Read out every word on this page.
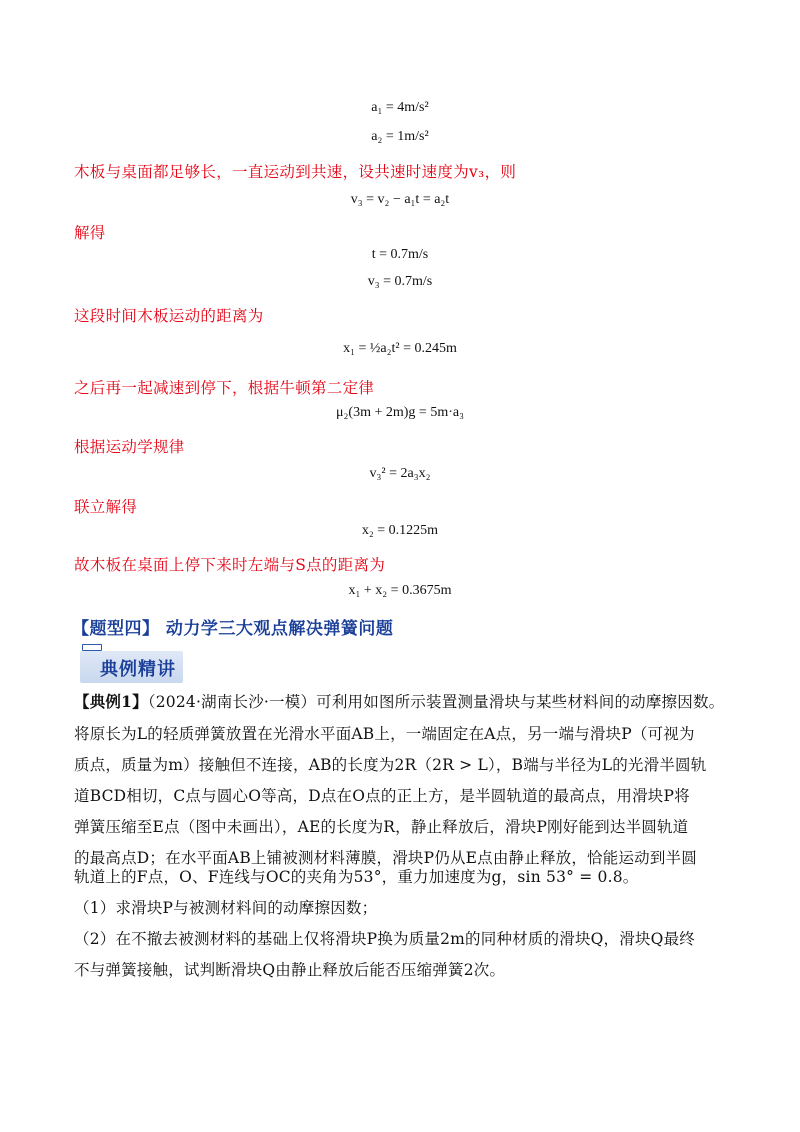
a₁ = 4m/s²
a₂ = 1m/s²
木板与桌面都足够长，一直运动到共速，设共速时速度为v₃，则
v₃ = v₂ − a₁t = a₂t
解得
t = 0.7m/s
v₃ = 0.7m/s
这段时间木板运动的距离为
x₁ = ½a₂t² = 0.245m
之后再一起减速到停下，根据牛顿第二定律
μ₂(3m + 2m)g = 5m·a₃
根据运动学规律
v₃² = 2a₃x₂
联立解得
x₂ = 0.1225m
故木板在桌面上停下来时左端与S点的距离为
x₁ + x₂ = 0.3675m
【题型四】 动力学三大观点解决弹簧问题
典例精讲
【典例1】（2024·湖南长沙·一模）可利用如图所示装置测量滑块与某些材料间的动摩擦因数。
将原长为L的轻质弹簧放置在光滑水平面AB上，一端固定在A点，另一端与滑块P（可视为
质点，质量为m）接触但不连接，AB的长度为2R（2R > L），B端与半径为L的光滑半圆轨
道BCD相切，C点与圆心O等高，D点在O点的正上方，是半圆轨道的最高点，用滑块P将
弹簧压缩至E点（图中未画出），AE的长度为R，静止释放后，滑块P刚好能到达半圆轨道
的最高点D；在水平面AB上铺被测材料薄膜，滑块P仍从E点由静止释放，恰能运动到半圆
轨道上的F点，O、F连线与OC的夹角为53°，重力加速度为g，sin 53° = 0.8。
（1）求滑块P与被测材料间的动摩擦因数；
（2）在不撤去被测材料的基础上仅将滑块P换为质量2m的同种材质的滑块Q，滑块Q最终
不与弹簧接触，试判断滑块Q由静止释放后能否压缩弹簧2次。
